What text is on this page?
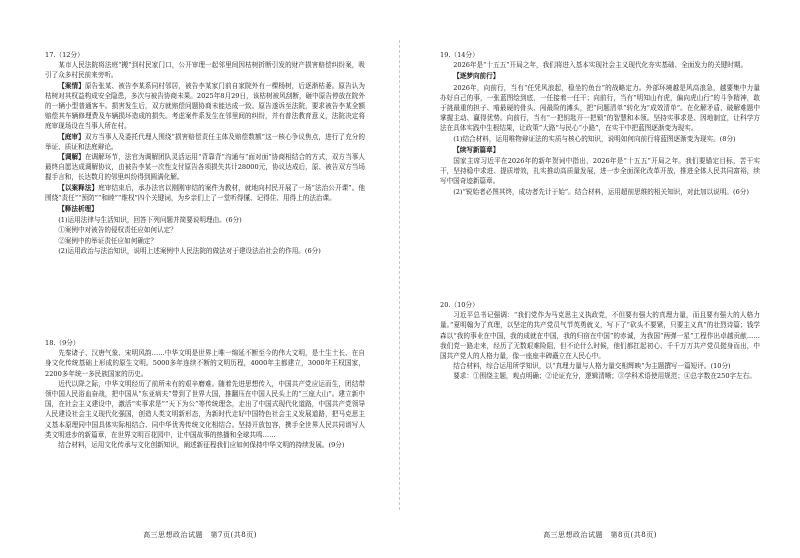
17.（12分）

某市人民法院将法庭“搬”到村民家门口，公开审理一起邻里间因枯树折断引发的财产损害赔偿纠纷案，吸引了众多村民前来旁听。

【案情】原告张某、被告李某系同村邻居，被告李某家门前自家院外有一棵杨树，后逐渐枯萎。原告认为枯树对其权益构成安全隐患，多次与被告协商未果。2025年8月29日，该枯树被风刮断，砸中原告停放在院外的一辆小型普通客车。损害发生后，双方就赔偿问题协商未能达成一致。原告遂诉至法院，要求被告李某全额赔偿其车辆修理费及车辆损坏造成的损失。考虑案件系发生在邻里间的纠纷，并有普法教育意义，法院决定将庭审现场设在当事人所在村。

【庭审】双方当事人及委托代理人围绕“损害赔偿责任主体及赔偿数额”这一核心争议焦点，进行了充分的举证、质证和法庭辩论。

【调解】在调解环节，法官为调解团队灵活运用“背靠背”沟通与“面对面”协商相结合的方式，双方当事人最终自愿达成调解协议，由被告李某一次性支付原告各项损失共计28000元，协议达成后，原、被告双方当场握手言和，长达数月的邻里纠纷得到圆满化解。

【以案释法】庭审结束后，承办法官以刚刚审结的案件为教材，就地向村民开展了一场“法治公开课”。他围绕“责任”“预防”“和睦”“维权”四个关键词，为乡亲们上了一堂听得懂、记得住、用得上的法治课。

【释法析理】

(1)运用法律与生活知识，回答下列问题并简要说明理由。(6分)

①案例中对被告的侵权责任应如何认定？

②案例中的举证责任应如何确定？

(2)运用政治与法治知识，说明上述案例中人民法院的做法对于建设法治社会的作用。(6分)

18.（9分）

先秦诸子、汉唐气象、宋明风韵……中华文明是世界上唯一绵延不断至今的伟大文明，是土生土长、在自身文化传统基础上形成的原生文明。5000多年连续不断的文明历程，4000年主都建立，3000年王权国家，2200多年统一多民族国家的历史。

近代以降之际，中华文明经历了前所未有的艰辛磨难。随着先进思想传入，中国共产党应运而生，团结带领中国人民浴血奋战，把中国从“东亚病夫”带到了世界大国，推翻压在中国人民头上的“三座大山”。建立新中国，在社会主义建设中，激活“实事求是”“天下为公”等传统理念，走出了中国式现代化道路，中国共产党领导人民建设社会主义现代化强国，创造人类文明新形态，为新时代走好中国特色社会主义发展道路，把马克思主义基本原理同中国具体实际相结合、同中华优秀传统文化相结合。坚持开放包容，携手全世界人民共同谱写人类文明进步的新篇章，在世界文明百花园中，让中国故事的热播和全球共鸣……

结合材料，运用文化传承与文化创新知识，阐述新征程我们应如何保持中华文明的持续发展。(9分)

高三思想政治试题　第7页(共8页)

19.（14分）

2026年是“十五五”开局之年，我们将进入基本实现社会主义现代化夯实基础、全面发力的关键时期。

【逐梦向前行】

2026年，向前行，当有“任凭风浪起，稳坐钓鱼台”的战略定力。外部环境越是风高浪急，越要集中力量办好自己的事，一张蓝图绘到底，一任接着一任干；向前行，当有“明知山有虎，偏向虎山行”的斗争精神，敢于挑最重的担子、啃最硬的骨头、闯最险的滩头，把“问题清单”转化为“成效清单”。在化解矛盾、破解难题中掌握主动、赢得优势。向前行，当有“一把钥匙开一把锁”的智慧和本领。坚持实事求是、因地制宜，让科学方法在具体实践中生根结果，让政策“大路”与民心“小路”，在实干中把蓝图逐渐变为现实。

(1)结合材料，运用唯物辩证法的实质与核心的知识，说明如何向前行将蓝图逐渐变为现实。(8分)

【续写新篇章】

国家主席习近平在2026年的新年贺词中指出，2026年是“十五五”开局之年。我们要锚定目标，苦干实干，坚持稳中求进、提质增效，扎实推动高质量发展，进一步全面深化改革开放，推进全体人民共同富裕，续写中国奇迹新篇章。

(2)“锐始者必图其终，成功者先计于始”。结合材料，运用超前思维的相关知识，对此加以说明。(6分)

20.（10分）

习近平总书记强调：“我们党作为马克思主义执政党，不但要有强大的真理力量，而且要有强大的人格力量。”夏明翰为了真理，以坚定的共产党员气节英勇就义，写下了“砍头不要紧，只要主义真”的壮烈诗篇；钱学森以“我的事业在中国，我的成就在中国，我的归宿在中国”的赤诚，为我国“两弹一星”工程作出卓越贡献……我们党一路走来，经历了无数艰难险阻，但不论什么时候，他们都扛起初心、千千万万共产党员挺身而出，中国共产党人的人格力量，像一座座丰碑矗立在人民心中。

结合材料，综合运用所学知识，以“真理力量与人格力量交相辉映”为主题撰写一篇短评。(10分)

要求：①围绕主题，观点明确；②论证充分，逻辑清晰；③学科术语使用规范；④总字数在250字左右。

高三思想政治试题　第8页(共8页)
